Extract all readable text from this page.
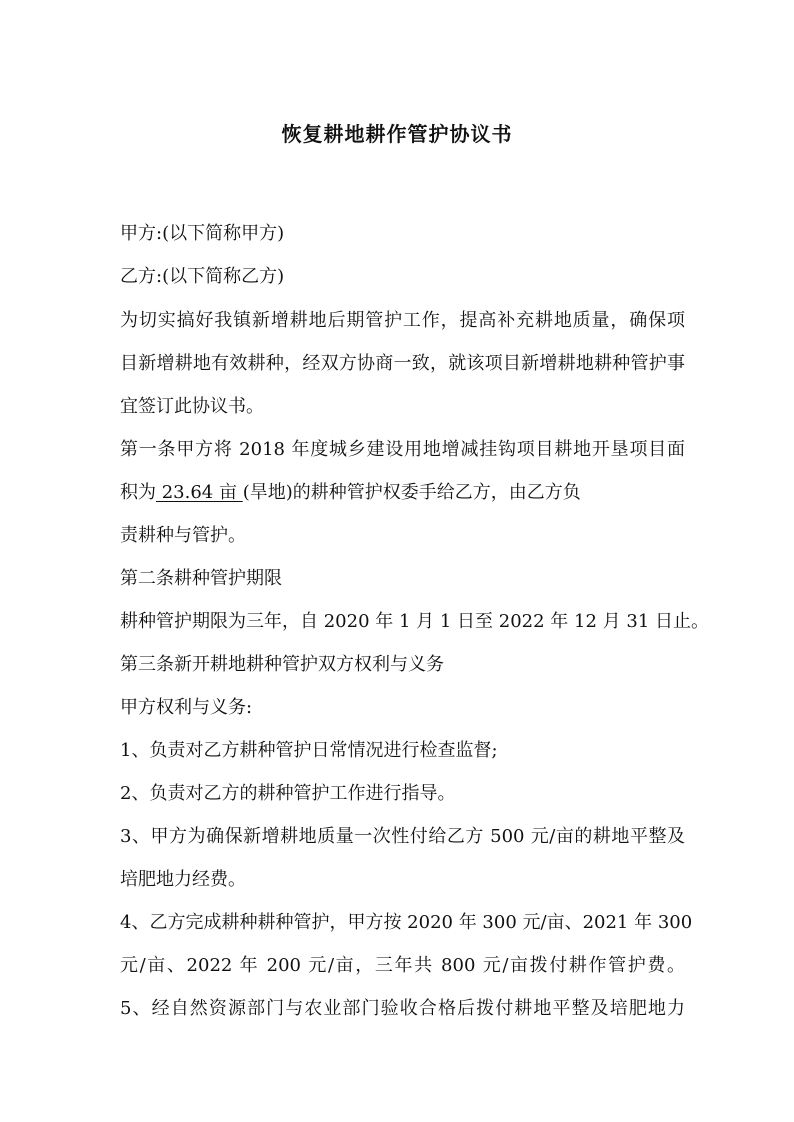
恢复耕地耕作管护协议书
甲方:(以下简称甲方)
乙方:(以下简称乙方)
为切实搞好我镇新增耕地后期管护工作，提高补充耕地质量，确保项
目新增耕地有效耕种，经双方协商一致，就该项目新增耕地耕种管护事
宜签订此协议书。
第一条甲方将 2018 年度城乡建设用地增减挂钩项目耕地开垦项目面
积为 23.64 亩 (旱地)的耕种管护权委手给乙方，由乙方负
责耕种与管护。
第二条耕种管护期限
耕种管护期限为三年，自 2020 年 1 月 1 日至 2022 年 12 月 31 日止。
第三条新开耕地耕种管护双方权利与义务
甲方权利与义务:
1、负责对乙方耕种管护日常情况进行检查监督;
2、负责对乙方的耕种管护工作进行指导。
3、甲方为确保新增耕地质量一次性付给乙方 500 元/亩的耕地平整及
培肥地力经费。
4、乙方完成耕种耕种管护，甲方按 2020 年 300 元/亩、2021 年 300
元/亩、2022 年 200 元/亩，三年共 800 元/亩拨付耕作管护费。
5、经自然资源部门与农业部门验收合格后拨付耕地平整及培肥地力
